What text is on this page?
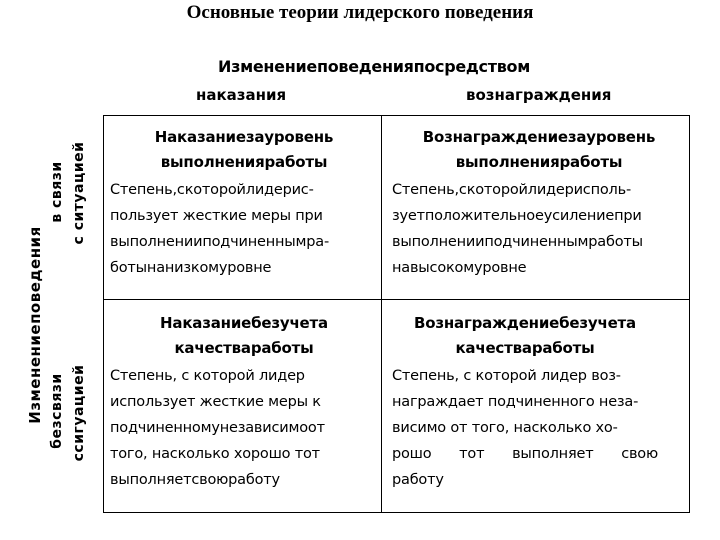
Основные теории лидерского поведения
Изменениеповеденияпосредством
наказания	вознаграждения
Изменениеповедения
в связи с ситуацией
безсвязи ссигуацией
Наказаниезауровень
выполненияработы
Степень,скоторойлидерис-
пользует жесткие меры при
выполненииподчиненнымра-
ботынанизкомуровне
Вознаграждениезауровень
выполненияработы
Степень,скоторойлидерисполь-
зуетположительноеусилениепри
выполненииподчиненнымработы
навысокомуровне
Наказаниебезучета
качестваработы
Степень, с которой лидер
использует жесткие меры к
подчиненномунезависимоот
того, насколько хорошо тот
выполняетсвоюработу
Вознаграждениебезучета
качестваработы
Степень, с которой лидер воз-
награждает подчиненного неза-
висимо от того, насколько хо-
рошо тот выполняет свою
работу
